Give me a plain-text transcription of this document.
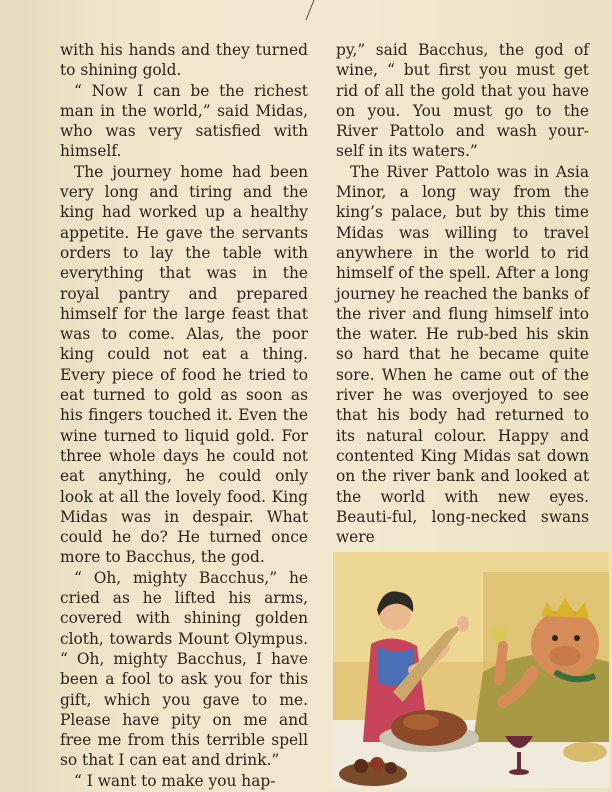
with his hands and they turned to shining gold.

“ Now I can be the richest man in the world,” said Midas, who was very satisfied with himself.

The journey home had been very long and tiring and the king had worked up a healthy appetite. He gave the servants orders to lay the table with everything that was in the royal pantry and prepared himself for the large feast that was to come. Alas, the poor king could not eat a thing. Every piece of food he tried to eat turned to gold as soon as his fingers touched it. Even the wine turned to liquid gold. For three whole days he could not eat anything, he could only look at all the lovely food. King Midas was in despair. What could he do? He turned once more to Bacchus, the god.

“ Oh, mighty Bacchus,” he cried as he lifted his arms, covered with shining golden cloth, towards Mount Olympus. “ Oh, mighty Bacchus, I have been a fool to ask you for this gift, which you gave to me. Please have pity on me and free me from this terrible spell so that I can eat and drink.”

“ I want to make you hap-

py,” said Bacchus, the god of wine, “ but first you must get rid of all the gold that you have on you. You must go to the River Pattolo and wash your-self in its waters.”

The River Pattolo was in Asia Minor, a long way from the king’s palace, but by this time Midas was willing to travel anywhere in the world to rid himself of the spell. After a long journey he reached the banks of the river and flung himself into the water. He rub-bed his skin so hard that he became quite sore. When he came out of the river he was overjoyed to see that his body had returned to its natural colour. Happy and contented King Midas sat down on the river bank and looked at the world with new eyes. Beauti-ful, long-necked swans were
